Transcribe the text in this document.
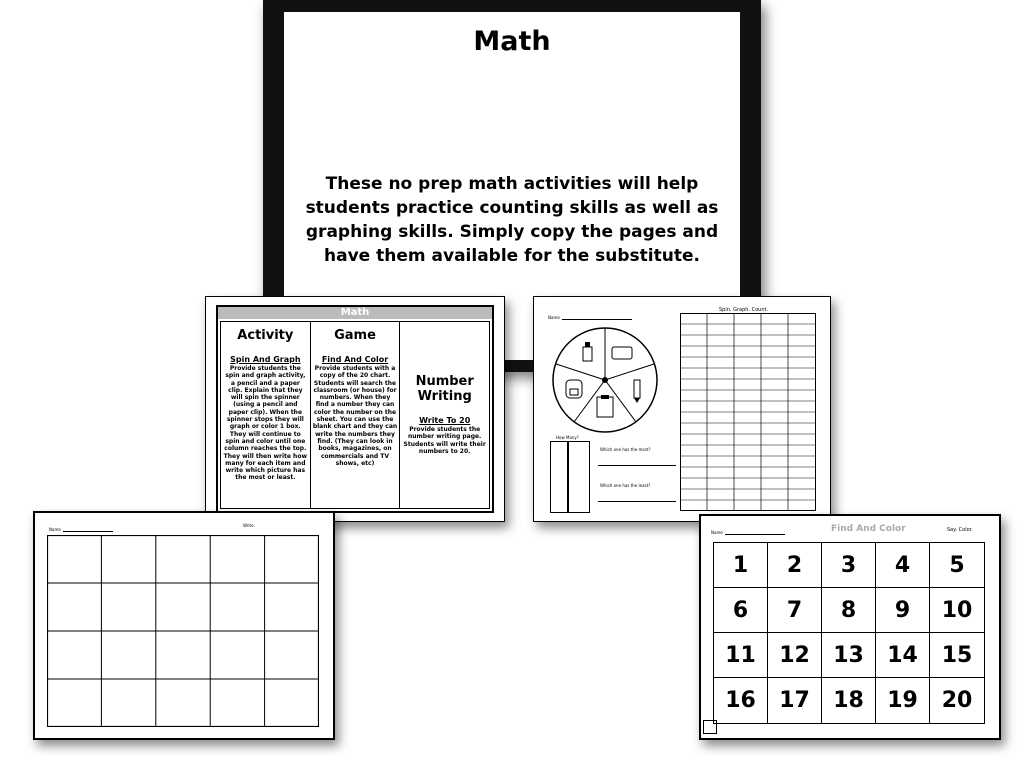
Math
These no prep math activities will help students practice counting skills as well as graphing skills. Simply copy the pages and have them available for the substitute.
Math
Activity
Spin And Graph
Provide students the spin and graph activity, a pencil and a paper clip. Explain that they will spin the spinner (using a pencil and paper clip). When the spinner stops they will graph or color 1 box. They will continue to spin and color until one column reaches the top. They will then write how many for each item and write which picture has the most or least.
Game
Find And Color
Provide students with a copy of the 20 chart. Students will search the classroom (or house) for numbers. When they find a number they can color the number on the sheet. You can use the blank chart and they can write the numbers they find. (They can look in books, magazines, on commercials and TV shows, etc)
Number Writing
Write To 20
Provide students the number writing page. Students will write their numbers to 20.
Name
Spin. Graph. Count.
How Many?
Which one has the most?
Which one has the least?
Name
Write.
Name	Find And Color	Say. Color.
1	2	3	4	5
6	7	8	9	10
11	12	13	14	15
16	17	18	19	20
